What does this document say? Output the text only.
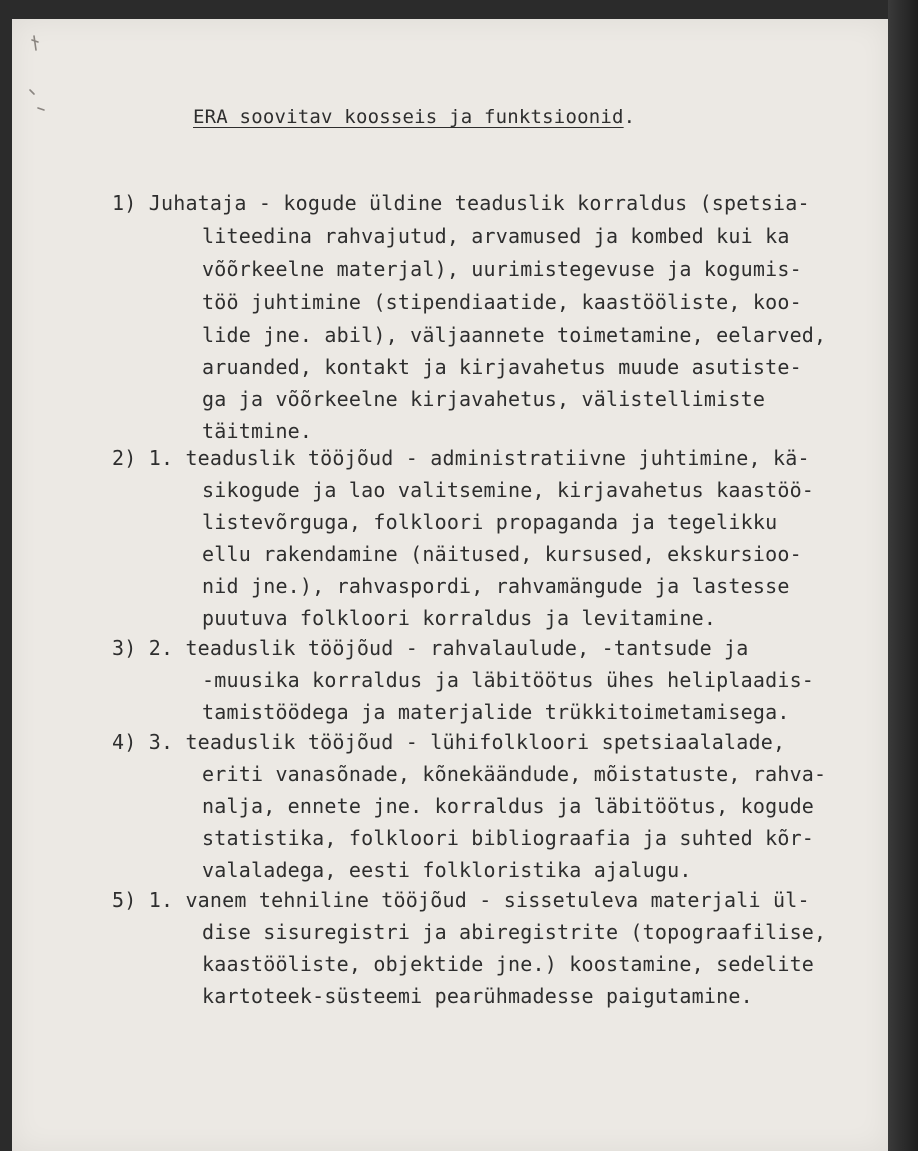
ERA soovitav koosseis ja funktsioonid.
1) Juhataja - kogude üldine teaduslik korraldus (spetsia-
liteedina rahvajutud, arvamused ja kombed kui ka
võõrkeelne materjal), uurimistegevuse ja kogumis-
töö juhtimine (stipendiaatide, kaastööliste, koo-
lide jne. abil), väljaannete toimetamine, eelarved,
aruanded, kontakt ja kirjavahetus muude asutiste-
ga ja võõrkeelne kirjavahetus, välistellimiste
täitmine.
2) 1. teaduslik tööjõud - administratiivne juhtimine, kä-
sikogude ja lao valitsemine, kirjavahetus kaastöö-
listevõrguga, folkloori propaganda ja tegelikku
ellu rakendamine (näitused, kursused, ekskursioo-
nid jne.), rahvaspordi, rahvamängude ja lastesse
puutuva folkloori korraldus ja levitamine.
3) 2. teaduslik tööjõud - rahvalaulude, -tantsude ja
-muusika korraldus ja läbitöötus ühes heliplaadis-
tamistöödega ja materjalide trükkitoimetamisega.
4) 3. teaduslik tööjõud - lühifolkloori spetsiaalalade,
eriti vanasõnade, kõnekäändude, mõistatuste, rahva-
nalja, ennete jne. korraldus ja läbitöötus, kogude
statistika, folkloori bibliograafia ja suhted kõr-
valaladega, eesti folkloristika ajalugu.
5) 1. vanem tehniline tööjõud - sissetuleva materjali ül-
dise sisuregistri ja abiregistrite (topograafilise,
kaastööliste, objektide jne.) koostamine, sedelite
kartoteek-süsteemi pearühmadesse paigutamine.
